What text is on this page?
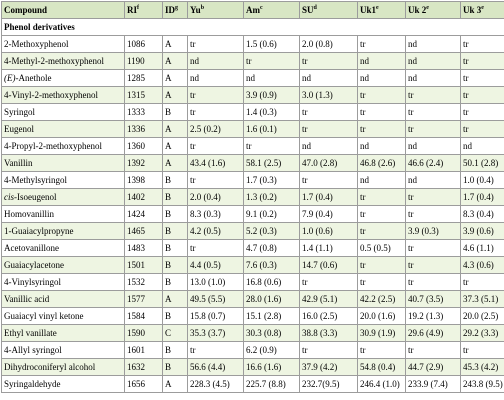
Compound	$RI^f$	$ID^g$	Yu$^b$	Am$^c$	$SU^d$	Uk1e	Uk 2e	Uk 3e
Phenol derivatives								
2-Methoxyphenol	1086	A	tr	1.5 (0.6)	2.0 (0.8)	tr	nd	tr
4-Methyl-2-methoxyphenol	1190	A	nd	tr	tr	nd	nd	tr
(E)-Anethole	1285	A	nd	nd	nd	nd	nd	tr
4-Vinyl-2-methoxyphenol	1315	A	tr	3.9 (0.9)	3.0 (1.3)	tr	tr	tr
Syringol	1333	B	tr	1.4 (0.3)	tr	tr	tr	tr
Eugenol	1336	A	2.5 (0.2)	1.6 (0.1)	tr	tr	tr	tr
4-Propyl-2-methoxyphenol	1360	A	tr	tr	nd	nd	nd	nd
Vanillin	1392	A	43.4 (1.6)	58.1 (2.5)	47.0 (2.8)	46.8 (2.6)	46.6 (2.4)	50.1 (2.8)
4-Methylsyringol	1398	B	tr	1.7 (0.3)	tr	nd	nd	1.0 (0.4)
cis-Isoeugenol	1402	B	2.0 (0.4)	1.3 (0.2)	1.7 (0.4)	tr	tr	1.7 (0.4)
Homovanillin	1424	B	8.3 (0.3)	9.1 (0.2)	7.9 (0.4)	tr	tr	8.3 (0.4)
1-Guaiacylpropyne	1465	B	4.2 (0.5)	5.2 (0.3)	1.0 (0.6)	tr	3.9 (0.3)	3.9 (0.6)
Acetovanillone	1483	B	tr	4.7 (0.8)	1.4 (1.1)	0.5 (0.5)	tr	4.6 (1.1)
Guaiacylacetone	1501	B	4.4 (0.5)	7.6 (0.3)	14.7 (0.6)	tr	tr	4.3 (0.6)
4-Vinylsyringol	1532	B	13.0 (1.0)	16.8 (0.6)	tr	tr	tr	tr
Vanillic acid	1577	A	49.5 (5.5)	28.0 (1.6)	42.9 (5.1)	42.2 (2.5)	40.7 (3.5)	37.3 (5.1)
Guaiacyl vinyl ketone	1584	B	15.8 (0.7)	15.1 (2.8)	16.0 (2.5)	20.0 (1.6)	19.2 (1.3)	20.0 (2.5)
Ethyl vanillate	1590	C	35.3 (3.7)	30.3 (0.8)	38.8 (3.3)	30.9 (1.9)	29.6 (4.9)	29.2 (3.3)
4-Allyl syringol	1601	B	tr	6.2 (0.9)	tr	tr	tr	tr
Dihydroconiferyl alcohol	1632	B	56.6 (4.4)	16.6 (1.6)	37.9 (4.2)	54.8 (0.4)	44.7 (2.9)	45.3 (4.2)
Syringaldehyde	1656	A	228.3 (4.5)	225.7 (8.8)	232.7(9.5)	246.4 (1.0)	233.9 (7.4)	243.8 (9.5)
